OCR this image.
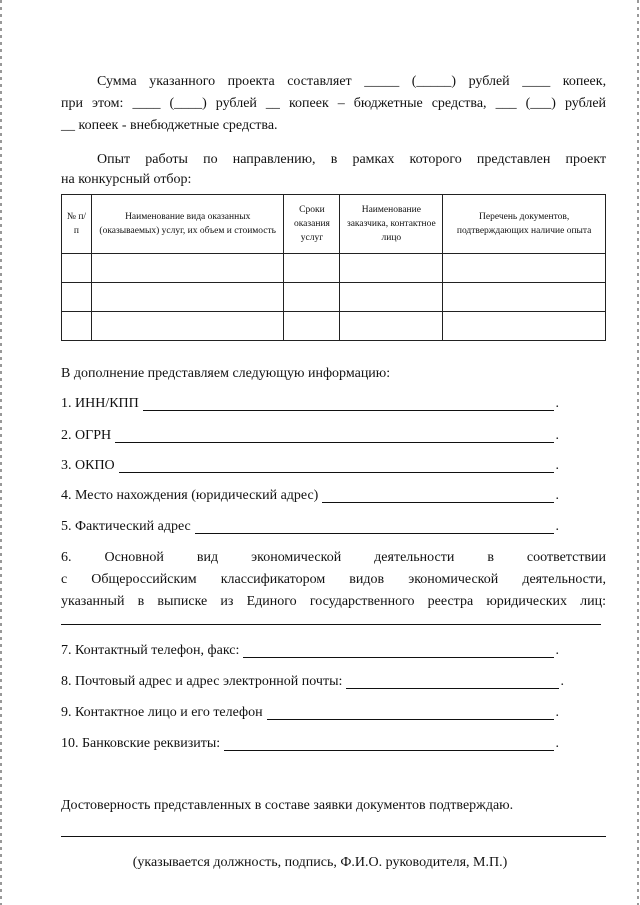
Сумма указанного проекта составляет _____ (_____) рублей ____ копеек,
при этом: ____ (____) рублей __ копеек – бюджетные средства, ___ (___) рублей
__ копеек - внебюджетные средства.
Опыт работы по направлению, в рамках которого представлен проект
на конкурсный отбор:
№ п/п	Наименование вида оказанных (оказываемых) услуг, их объем и стоимость	Сроки оказания услуг	Наименование заказчика, контактное лицо	Перечень документов, подтверждающих наличие опыта

В дополнение представляем следующую информацию:
1. ИНН/КПП	.
2. ОГРН	.
3. ОКПО	.
4. Место нахождения (юридический адрес)	.
5. Фактический адрес	.
6. Основной вид экономической деятельности в соответствии
с Общероссийским классификатором видов экономической деятельности,
указанный в выписке из Единого государственного реестра юридических лиц:
7. Контактный телефон, факс:	.
8. Почтовый адрес и адрес электронной почты:	.
9. Контактное лицо и его телефон	.
10. Банковские реквизиты:	.
Достоверность представленных в составе заявки документов подтверждаю.
(указывается должность, подпись, Ф.И.О. руководителя, М.П.)
